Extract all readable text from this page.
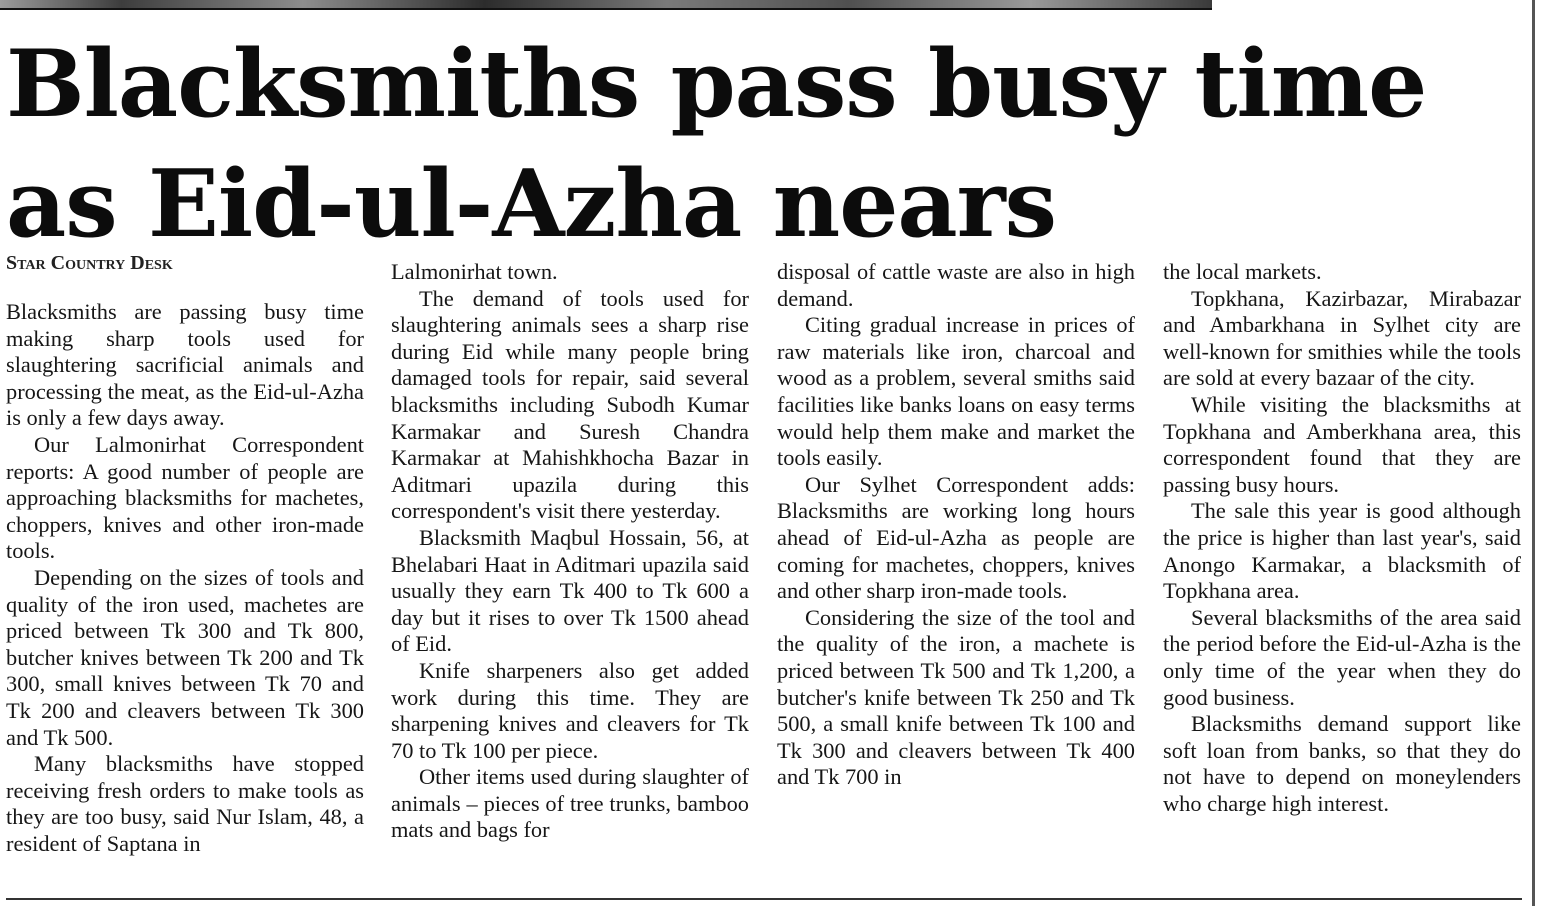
Blacksmiths pass busy time as Eid-ul-Azha nears
Star Country Desk

Blacksmiths are passing busy time making sharp tools used for slaughtering sacrificial animals and processing the meat, as the Eid-ul-Azha is only a few days away.

Our Lalmonirhat Correspondent reports: A good number of people are approaching blacksmiths for machetes, choppers, knives and other iron-made tools.

Depending on the sizes of tools and quality of the iron used, machetes are priced between Tk 300 and Tk 800, butcher knives between Tk 200 and Tk 300, small knives between Tk 70 and Tk 200 and cleavers between Tk 300 and Tk 500.

Many blacksmiths have stopped receiving fresh orders to make tools as they are too busy, said Nur Islam, 48, a resident of Saptana in

Lalmonirhat town.

The demand of tools used for slaughtering animals sees a sharp rise during Eid while many people bring damaged tools for repair, said several blacksmiths including Subodh Kumar Karmakar and Suresh Chandra Karmakar at Mahishkhocha Bazar in Aditmari upazila during this correspondent's visit there yesterday.

Blacksmith Maqbul Hossain, 56, at Bhelabari Haat in Aditmari upazila said usually they earn Tk 400 to Tk 600 a day but it rises to over Tk 1500 ahead of Eid.

Knife sharpeners also get added work during this time. They are sharpening knives and cleavers for Tk 70 to Tk 100 per piece.

Other items used during slaughter of animals – pieces of tree trunks, bamboo mats and bags for

disposal of cattle waste are also in high demand.

Citing gradual increase in prices of raw materials like iron, charcoal and wood as a problem, several smiths said facilities like banks loans on easy terms would help them make and market the tools easily.

Our Sylhet Correspondent adds: Blacksmiths are working long hours ahead of Eid-ul-Azha as people are coming for machetes, choppers, knives and other sharp iron-made tools.

Considering the size of the tool and the quality of the iron, a machete is priced between Tk 500 and Tk 1,200, a butcher's knife between Tk 250 and Tk 500, a small knife between Tk 100 and Tk 300 and cleavers between Tk 400 and Tk 700 in

the local markets.

Topkhana, Kazirbazar, Mirabazar and Ambarkhana in Sylhet city are well-known for smithies while the tools are sold at every bazaar of the city.

While visiting the blacksmiths at Topkhana and Amberkhana area, this correspondent found that they are passing busy hours.

The sale this year is good although the price is higher than last year's, said Anongo Karmakar, a blacksmith of Topkhana area.

Several blacksmiths of the area said the period before the Eid-ul-Azha is the only time of the year when they do good business.

Blacksmiths demand support like soft loan from banks, so that they do not have to depend on moneylenders who charge high interest.
